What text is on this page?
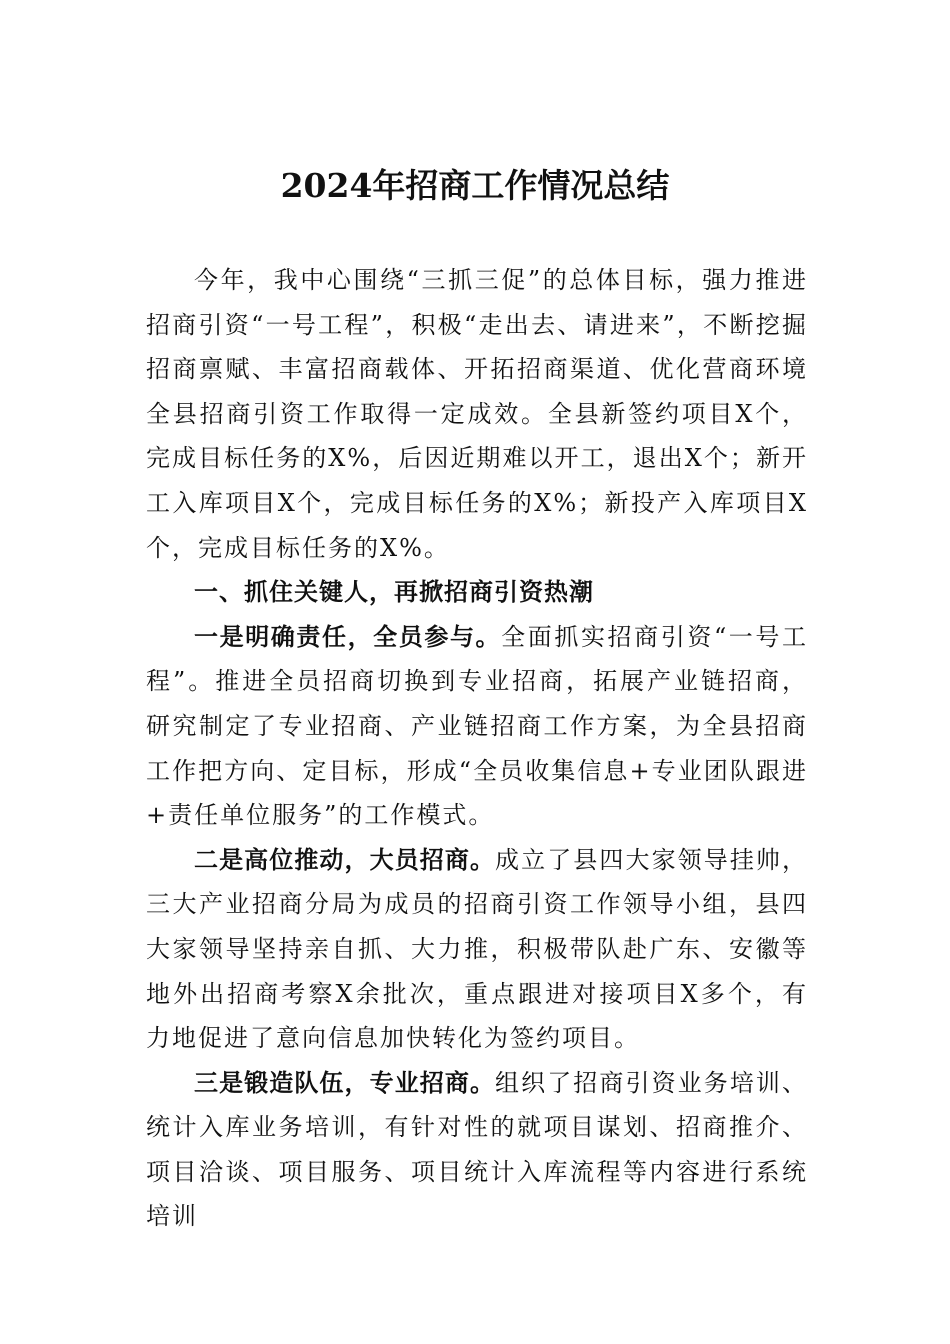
2024年招商工作情况总结

今年，我中心围绕“三抓三促”的总体目标，强力推进招商引资“一号工程”，积极“走出去、请进来”，不断挖掘招商禀赋、丰富招商载体、开拓招商渠道、优化营商环境全县招商引资工作取得一定成效。全县新签约项目X个，完成目标任务的X%，后因近期难以开工，退出X个；新开工入库项目X个，完成目标任务的X%；新投产入库项目X个，完成目标任务的X%。

一、抓住关键人，再掀招商引资热潮

一是明确责任，全员参与。全面抓实招商引资“一号工程”。推进全员招商切换到专业招商，拓展产业链招商，研究制定了专业招商、产业链招商工作方案，为全县招商工作把方向、定目标，形成“全员收集信息+专业团队跟进+责任单位服务”的工作模式。

二是高位推动，大员招商。成立了县四大家领导挂帅，三大产业招商分局为成员的招商引资工作领导小组，县四大家领导坚持亲自抓、大力推，积极带队赴广东、安徽等地外出招商考察X余批次，重点跟进对接项目X多个，有力地促进了意向信息加快转化为签约项目。

三是锻造队伍，专业招商。组织了招商引资业务培训、统计入库业务培训，有针对性的就项目谋划、招商推介、项目洽谈、项目服务、项目统计入库流程等内容进行系统培训
